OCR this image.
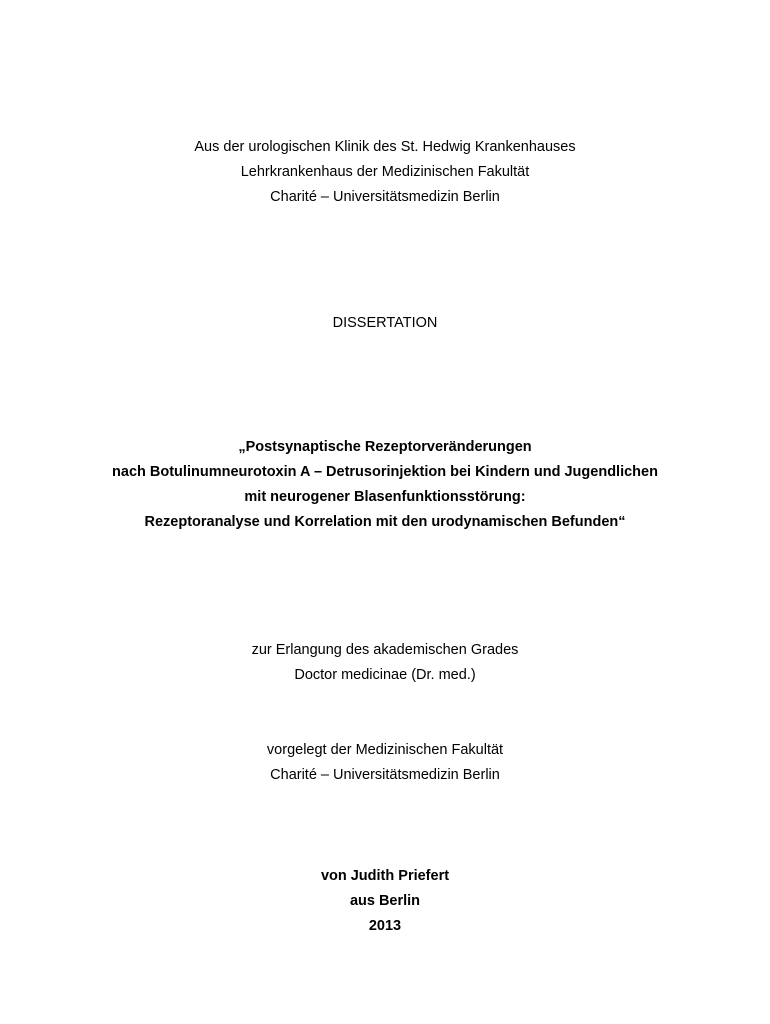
Aus der urologischen Klinik des St. Hedwig Krankenhauses
Lehrkrankenhaus der Medizinischen Fakultät
Charité – Universitätsmedizin Berlin
DISSERTATION
„Postsynaptische Rezeptorveränderungen
nach Botulinumneurotoxin A – Detrusorinjektion bei Kindern und Jugendlichen
mit neurogener Blasenfunktionsstörung:
Rezeptoranalyse und Korrelation mit den urodynamischen Befunden“
zur Erlangung des akademischen Grades
Doctor medicinae (Dr. med.)
vorgelegt der Medizinischen Fakultät
Charité – Universitätsmedizin Berlin
von Judith Priefert
aus Berlin
2013
